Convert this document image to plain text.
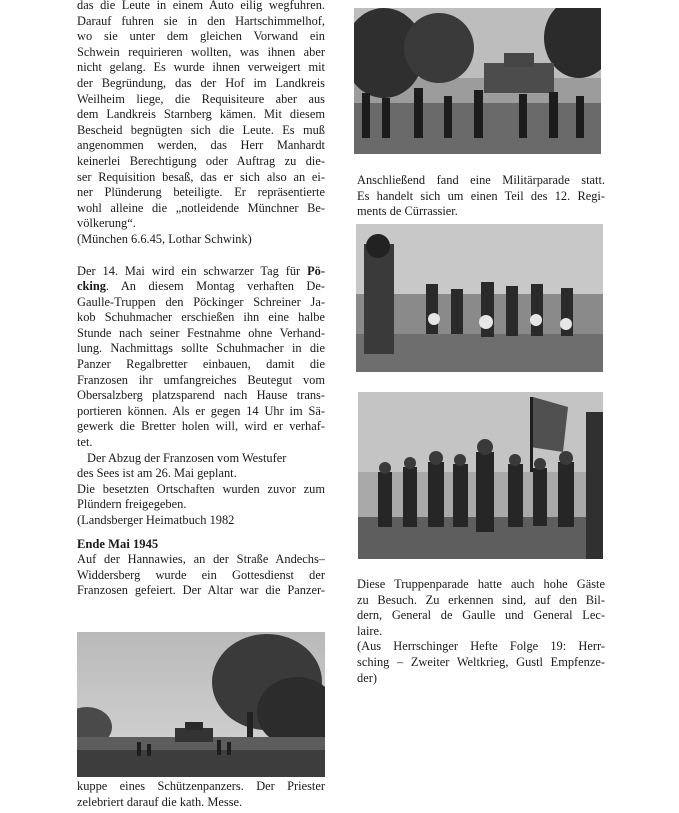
das die Leute in einem Auto eilig wegfuhren.
Darauf fuhren sie in den Hartschimmelhof,
wo sie unter dem gleichen Vorwand ein
Schwein requirieren wollten, was ihnen aber
nicht gelang. Es wurde ihnen verweigert mit
der Begründung, das der Hof im Landkreis
Weilheim liege, die Requisiteure aber aus
dem Landkreis Starnberg kämen. Mit diesem
Bescheid begnügten sich die Leute. Es muß
angenommen werden, das Herr Manhardt
keinerlei Berechtigung oder Auftrag zu die-
ser Requisition besaß, das er sich also an ei-
ner Plünderung beteiligte. Er repräsentierte
wohl alleine die „notleidende Münchner Be-
völkerung“.
(München 6.6.45, Lothar Schwink)

Der 14. Mai wird ein schwarzer Tag für Pö-
cking. An diesem Montag verhaften De-
Gaulle-Truppen den Pöckinger Schreiner Ja-
kob Schuhmacher erschießen ihn eine halbe
Stunde nach seiner Festnahme ohne Verhand-
lung. Nachmittags sollte Schuhmacher in die
Panzer Regalbretter einbauen, damit die
Franzosen ihr umfangreiches Beutegut vom
Obersalzberg platzsparend nach Hause trans-
portieren können. Als er gegen 14 Uhr im Sä-
gewerk die Bretter holen will, wird er verhaf-
tet.
Der Abzug der Franzosen vom Westufer
des Sees ist am 26. Mai geplant.
Die besetzten Ortschaften wurden zuvor zum
Plündern freigegeben.
(Landsberger Heimatbuch 1982

Ende Mai 1945

Auf der Hannawies, an der Straße Andechs–
Widdersberg wurde ein Gottesdienst der
Franzosen gefeiert. Der Altar war die Panzer-

kuppe eines Schützenpanzers. Der Priester
zelebriert darauf die kath. Messe.

Anschließend fand eine Militärparade statt.
Es handelt sich um einen Teil des 12. Regi-
ments de Cürrassier.
Diese Truppenparade hatte auch hohe Gäste
zu Besuch. Zu erkennen sind, auf den Bil-
dern, General de Gaulle und General Lec-
laire.
(Aus Herrschinger Hefte Folge 19: Herr-
sching – Zweiter Weltkrieg, Gustl Empfenze-
der)
